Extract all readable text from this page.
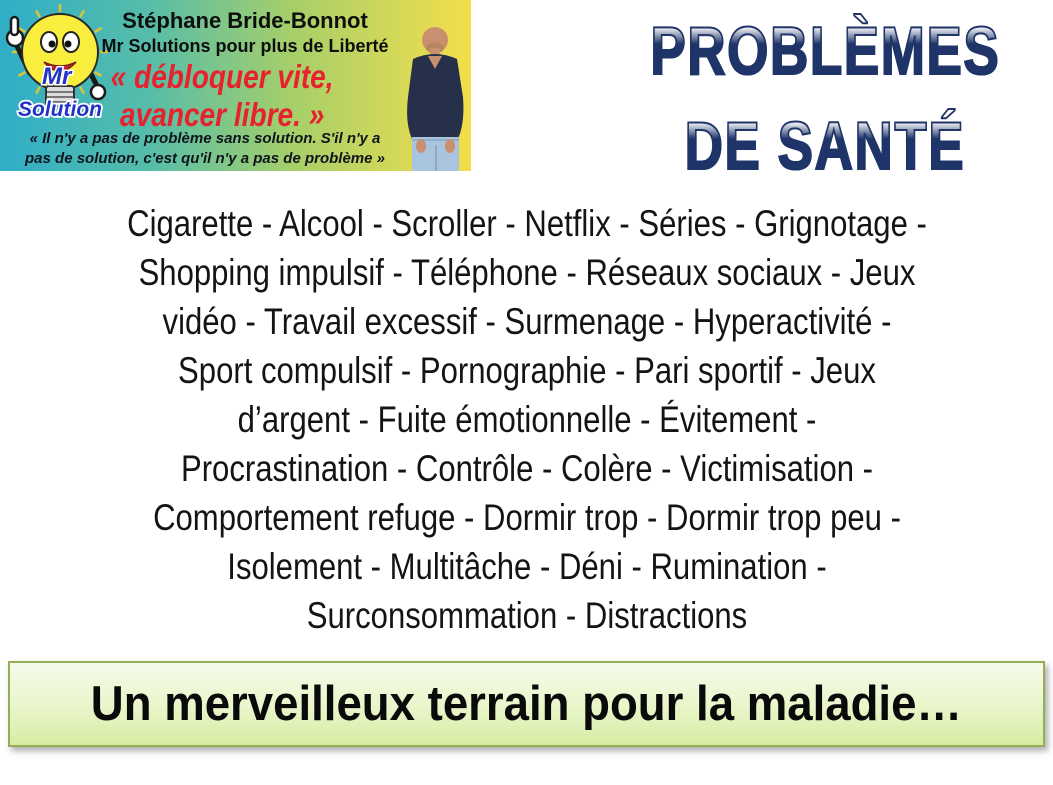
Mr
Solution
Stéphane Bride-Bonnot
Mr Solutions pour plus de Liberté
« débloquer vite,
avancer libre. »
« Il n'y a pas de problème sans solution. S'il n'y a
pas de solution, c'est qu'il n'y a pas de problème »
PROBLÈMES
DE SANTÉ
Cigarette - Alcool - Scroller - Netflix - Séries - Grignotage -
Shopping impulsif - Téléphone - Réseaux sociaux - Jeux
vidéo - Travail excessif - Surmenage - Hyperactivité -
Sport compulsif - Pornographie - Pari sportif - Jeux
d’argent - Fuite émotionnelle - Évitement -
Procrastination - Contrôle - Colère - Victimisation -
Comportement refuge - Dormir trop - Dormir trop peu -
Isolement - Multitâche - Déni - Rumination -
Surconsommation - Distractions
Un merveilleux terrain pour la maladie…
